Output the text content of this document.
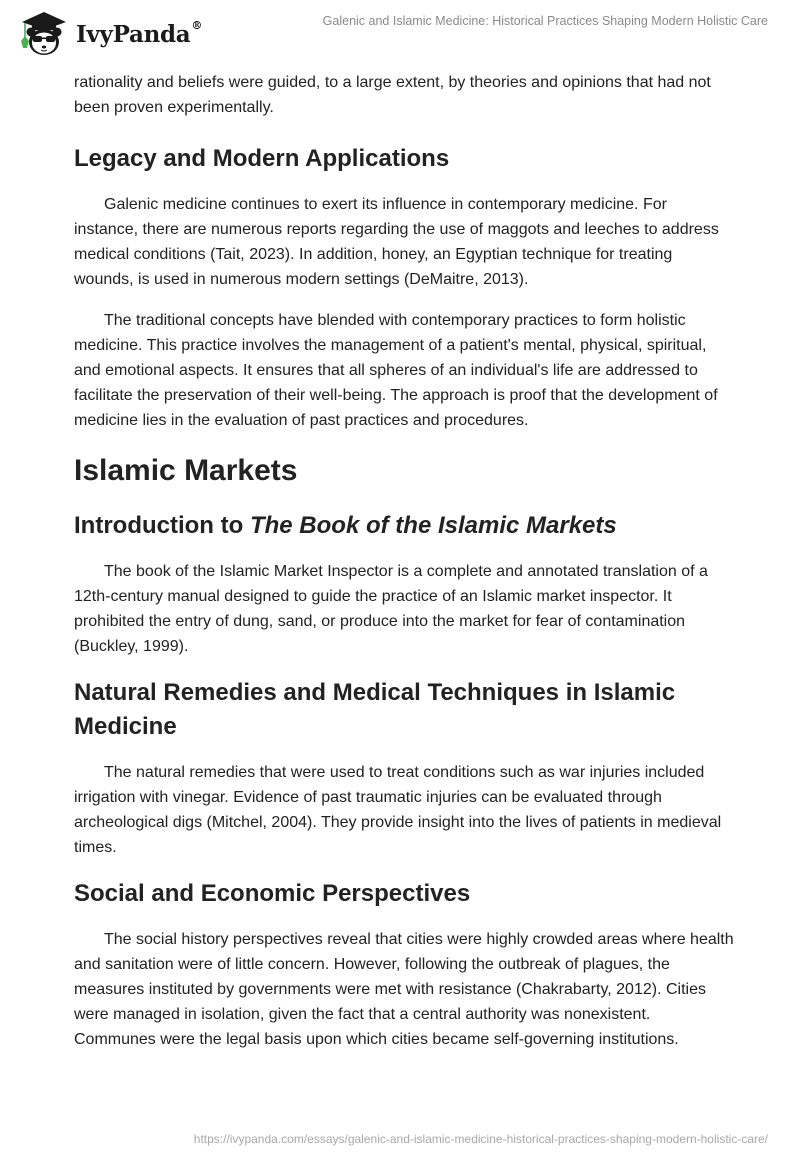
IvyPanda®	Galenic and Islamic Medicine: Historical Practices Shaping Modern Holistic Care

rationality and beliefs were guided, to a large extent, by theories and opinions that had not been proven experimentally.

Legacy and Modern Applications

Galenic medicine continues to exert its influence in contemporary medicine. For instance, there are numerous reports regarding the use of maggots and leeches to address medical conditions (Tait, 2023). In addition, honey, an Egyptian technique for treating wounds, is used in numerous modern settings (DeMaitre, 2013).

The traditional concepts have blended with contemporary practices to form holistic medicine. This practice involves the management of a patient's mental, physical, spiritual, and emotional aspects. It ensures that all spheres of an individual's life are addressed to facilitate the preservation of their well-being. The approach is proof that the development of medicine lies in the evaluation of past practices and procedures.

Islamic Markets
Introduction to The Book of the Islamic Markets

The book of the Islamic Market Inspector is a complete and annotated translation of a 12th-century manual designed to guide the practice of an Islamic market inspector. It prohibited the entry of dung, sand, or produce into the market for fear of contamination (Buckley, 1999).

Natural Remedies and Medical Techniques in Islamic Medicine

The natural remedies that were used to treat conditions such as war injuries included irrigation with vinegar. Evidence of past traumatic injuries can be evaluated through archeological digs (Mitchel, 2004). They provide insight into the lives of patients in medieval times.

Social and Economic Perspectives

The social history perspectives reveal that cities were highly crowded areas where health and sanitation were of little concern. However, following the outbreak of plagues, the measures instituted by governments were met with resistance (Chakrabarty, 2012). Cities were managed in isolation, given the fact that a central authority was nonexistent. Communes were the legal basis upon which cities became self-governing institutions.

https://ivypanda.com/essays/galenic-and-islamic-medicine-historical-practices-shaping-modern-holistic-care/
